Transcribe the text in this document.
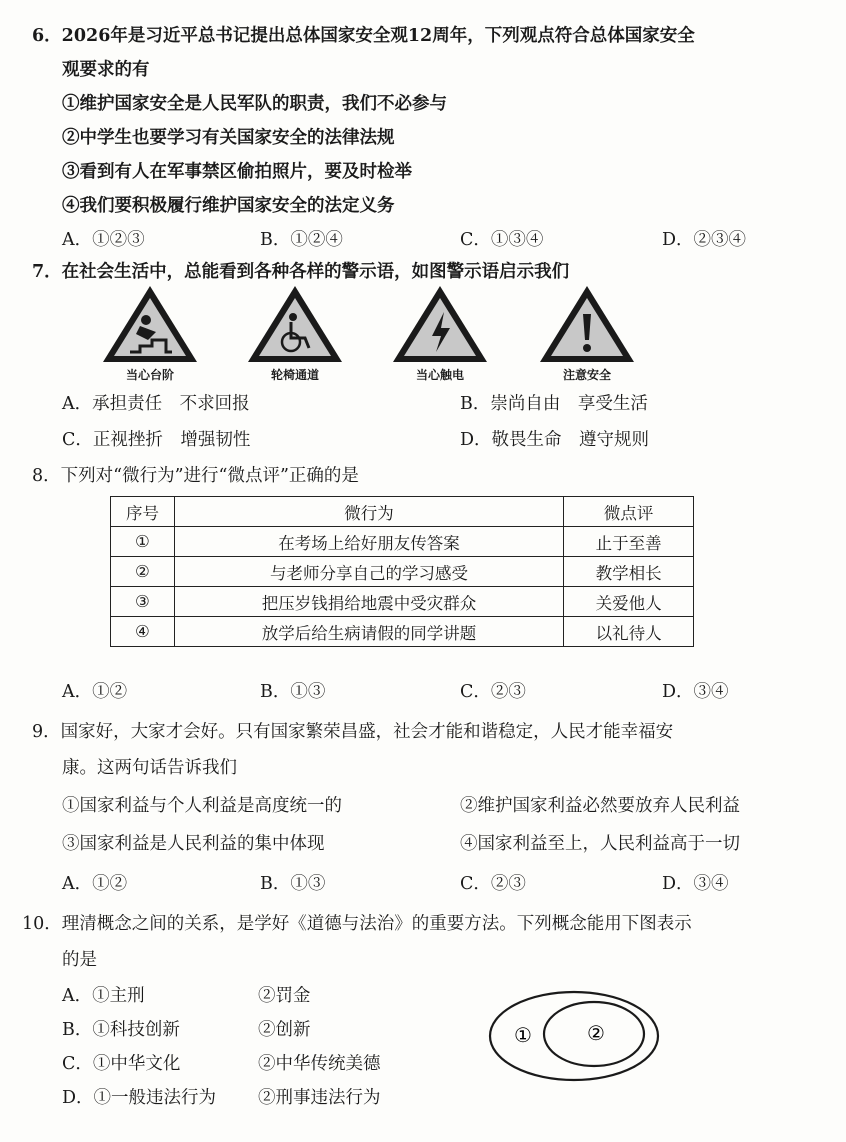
6．2026年是习近平总书记提出总体国家安全观12周年，下列观点符合总体国家安全
观要求的有
①维护国家安全是人民军队的职责，我们不必参与
②中学生也要学习有关国家安全的法律法规
③看到有人在军事禁区偷拍照片，要及时检举
④我们要积极履行维护国家安全的法定义务
A．①②③	B．①②④	C．①③④	D．②③④
7．在社会生活中，总能看到各种各样的警示语，如图警示语启示我们
当心台阶	轮椅通道	当心触电	注意安全
A．承担责任　不求回报	B．崇尚自由　享受生活
C．正视挫折　增强韧性	D．敬畏生命　遵守规则
8．下列对“微行为”进行“微点评”正确的是
序号	微行为	微点评
①	在考场上给好朋友传答案	止于至善
②	与老师分享自己的学习感受	教学相长
③	把压岁钱捐给地震中受灾群众	关爱他人
④	放学后给生病请假的同学讲题	以礼待人
A．①②	B．①③	C．②③	D．③④
9．国家好，大家才会好。只有国家繁荣昌盛，社会才能和谐稳定，人民才能幸福安
康。这两句话告诉我们
①国家利益与个人利益是高度统一的	②维护国家利益必然要放弃人民利益
③国家利益是人民利益的集中体现	④国家利益至上，人民利益高于一切
A．①②	B．①③	C．②③	D．③④
10．理清概念之间的关系，是学好《道德与法治》的重要方法。下列概念能用下图表示
的是
A．①主刑	②罚金
B．①科技创新	②创新
C．①中华文化	②中华传统美德
D．①一般违法行为 ②刑事违法行为
①	②
